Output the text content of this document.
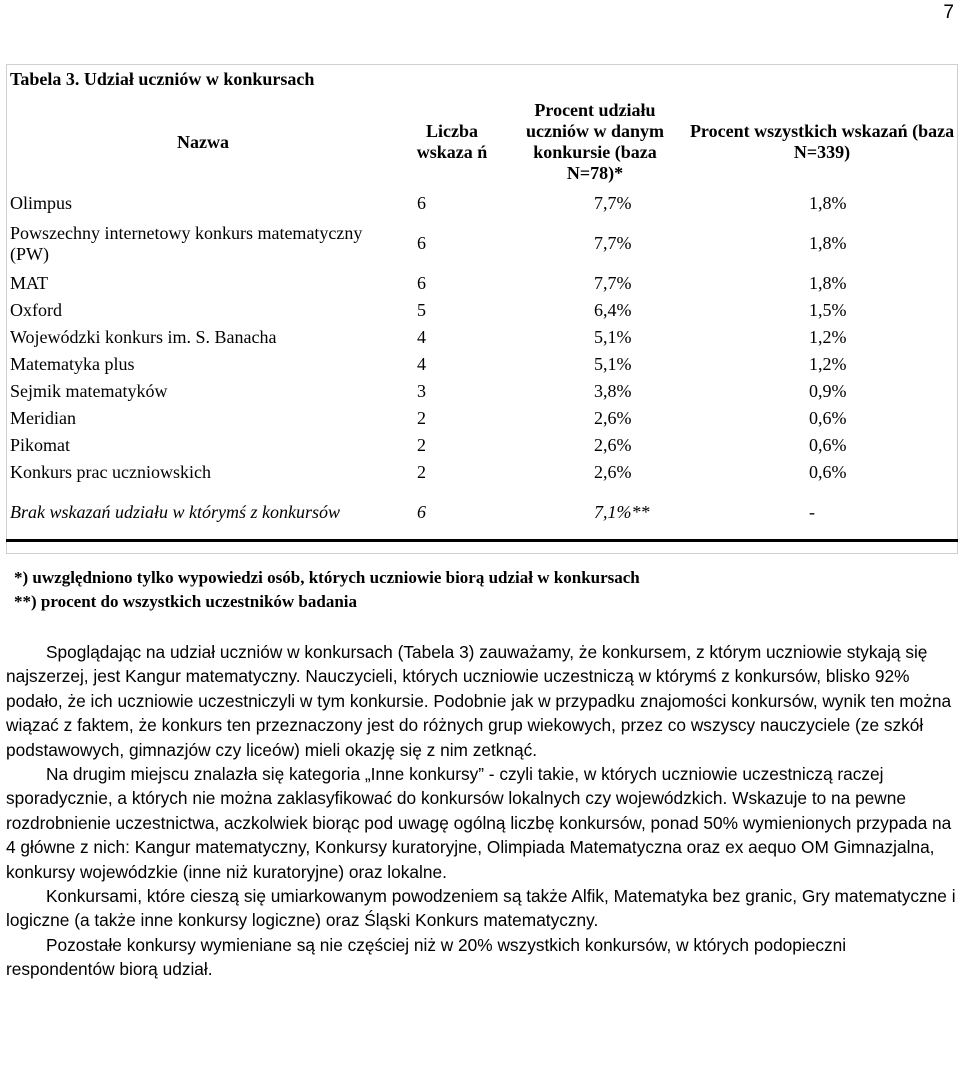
7
Tabela 3. Udział uczniów w konkursach			
Nazwa	Liczba wskaza ń	Procent udziału uczniów w danym konkursie (baza N=78)*	Procent wszystkich wskazań (baza N=339)
Olimpus	6	7,7%	1,8%
Powszechny internetowy konkurs matematyczny (PW)	6	7,7%	1,8%
MAT	6	7,7%	1,8%
Oxford	5	6,4%	1,5%
Wojewódzki konkurs im. S. Banacha	4	5,1%	1,2%
Matematyka plus	4	5,1%	1,2%
Sejmik matematyków	3	3,8%	0,9%
Meridian	2	2,6%	0,6%
Pikomat	2	2,6%	0,6%
Konkurs prac uczniowskich	2	2,6%	0,6%
Brak wskazań udziału w którymś z konkursów	6	7,1%**	-
*) uwzględniono tylko wypowiedzi osób, których uczniowie biorą udział w konkursach
**) procent do wszystkich uczestników badania

Spoglądając na udział uczniów w konkursach (Tabela 3) zauważamy, że konkursem, z którym uczniowie stykają się najszerzej, jest Kangur matematyczny. Nauczycieli, których uczniowie uczestniczą w którymś z konkursów, blisko 92% podało, że ich uczniowie uczestniczyli w tym konkursie. Podobnie jak w przypadku znajomości konkursów, wynik ten można wiązać z faktem, że konkurs ten przeznaczony jest do różnych grup wiekowych, przez co wszyscy nauczyciele (ze szkół podstawowych, gimnazjów czy liceów) mieli okazję się z nim zetknąć.

Na drugim miejscu znalazła się kategoria „Inne konkursy” - czyli takie, w których uczniowie uczestniczą raczej sporadycznie, a których nie można zaklasyfikować do konkursów lokalnych czy wojewódzkich. Wskazuje to na pewne rozdrobnienie uczestnictwa, aczkolwiek biorąc pod uwagę ogólną liczbę konkursów, ponad 50% wymienionych przypada na 4 główne z nich: Kangur matematyczny, Konkursy kuratoryjne, Olimpiada Matematyczna oraz ex aequo OM Gimnazjalna, konkursy wojewódzkie (inne niż kuratoryjne) oraz lokalne.

Konkursami, które cieszą się umiarkowanym powodzeniem są także Alfik, Matematyka bez granic, Gry matematyczne i logiczne (a także inne konkursy logiczne) oraz Śląski Konkurs matematyczny.

Pozostałe konkursy wymieniane są nie częściej niż w 20% wszystkich konkursów, w których podopieczni respondentów biorą udział.
